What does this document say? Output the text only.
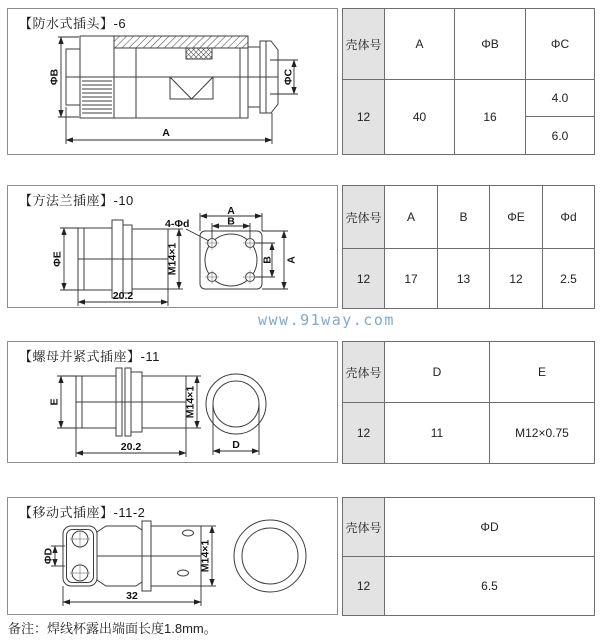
【防水式插头】-6
ΦB	ΦC
A
壳体号	A	ΦB	ΦC
12	40	16	4.0
			6.0
【方法兰插座】-10
ΦE	M14×1
20.2
A
B
B A
4-Φd	壳体号	A	B	ΦE	Φd
12	17	13	12	2.5
www.91way.com
【螺母并紧式插座】-11
E	M14×1
20.2	D
壳体号	D	E
12	11	M12×0.75
【移动式插座】-11-2
ΦD	M14×1
32
壳体号	ΦD
12	6.5
备注：焊线杯露出端面长度1.8mm。
